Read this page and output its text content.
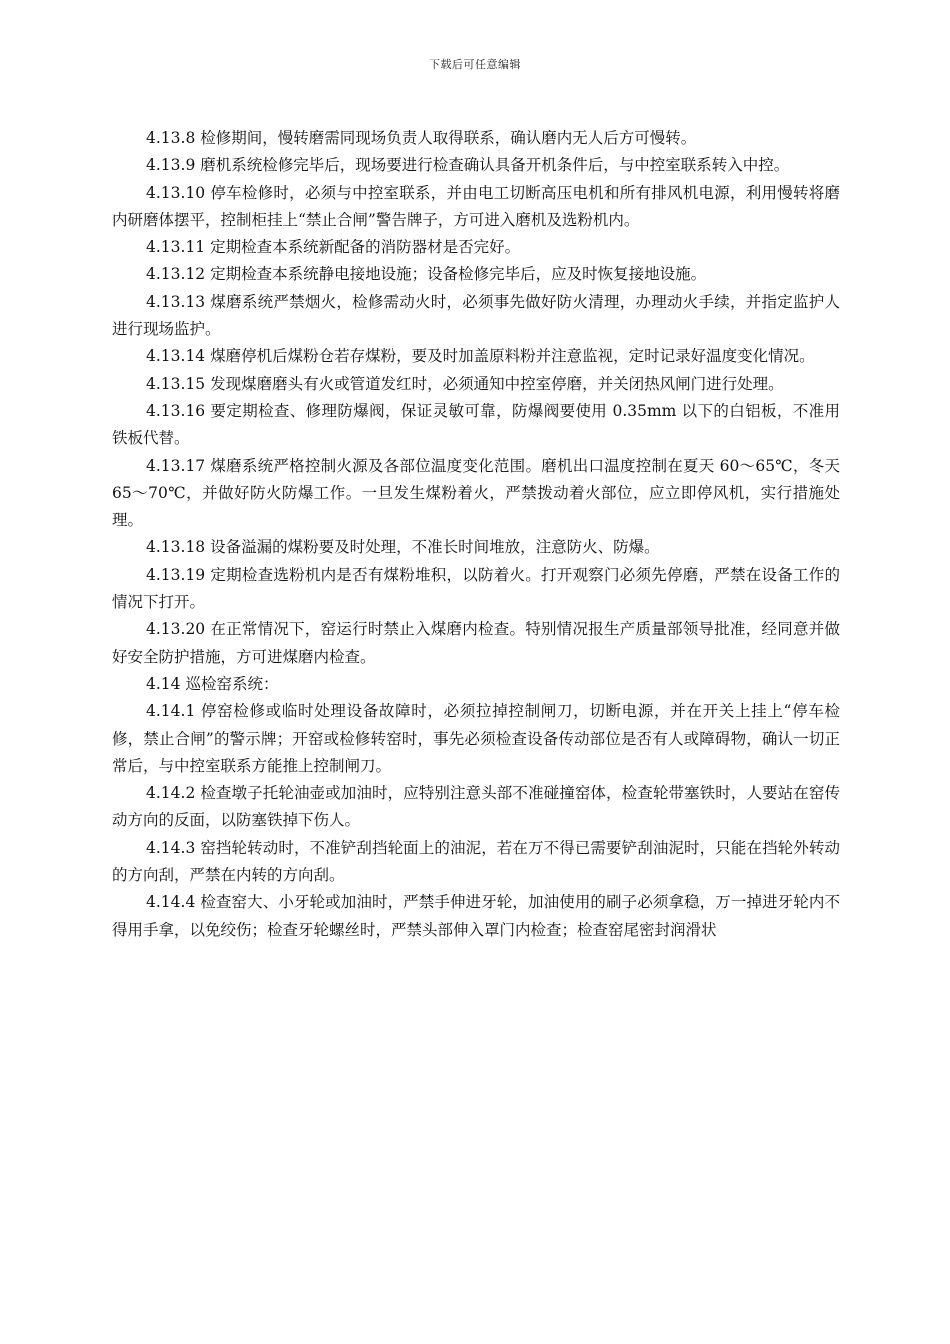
下载后可任意编辑

4.13.8 检修期间，慢转磨需同现场负责人取得联系，确认磨内无人后方可慢转。

4.13.9 磨机系统检修完毕后，现场要进行检查确认具备开机条件后，与中控室联系转入中控。

4.13.10 停车检修时，必须与中控室联系，并由电工切断高压电机和所有排风机电源，利用慢转将磨内研磨体摆平，控制柜挂上“禁止合闸”警告牌子，方可进入磨机及选粉机内。

4.13.11 定期检查本系统新配备的消防器材是否完好。

4.13.12 定期检查本系统静电接地设施；设备检修完毕后，应及时恢复接地设施。

4.13.13 煤磨系统严禁烟火，检修需动火时，必须事先做好防火清理，办理动火手续，并指定监护人进行现场监护。

4.13.14 煤磨停机后煤粉仓若存煤粉，要及时加盖原料粉并注意监视，定时记录好温度变化情况。

4.13.15 发现煤磨磨头有火或管道发红时，必须通知中控室停磨，并关闭热风闸门进行处理。

4.13.16 要定期检查、修理防爆阀，保证灵敏可靠，防爆阀要使用 0.35mm 以下的白铝板，不准用铁板代替。

4.13.17 煤磨系统严格控制火源及各部位温度变化范围。磨机出口温度控制在夏天 60～65℃，冬天 65～70℃，并做好防火防爆工作。一旦发生煤粉着火，严禁拨动着火部位，应立即停风机，实行措施处理。

4.13.18 设备溢漏的煤粉要及时处理，不准长时间堆放，注意防火、防爆。

4.13.19 定期检查选粉机内是否有煤粉堆积，以防着火。打开观察门必须先停磨，严禁在设备工作的情况下打开。

4.13.20 在正常情况下，窑运行时禁止入煤磨内检查。特别情况报生产质量部领导批准，经同意并做好安全防护措施，方可进煤磨内检查。

4.14 巡检窑系统：

4.14.1 停窑检修或临时处理设备故障时，必须拉掉控制闸刀，切断电源，并在开关上挂上“停车检修，禁止合闸”的警示牌；开窑或检修转窑时，事先必须检查设备传动部位是否有人或障碍物，确认一切正常后，与中控室联系方能推上控制闸刀。

4.14.2 检查墩子托轮油壶或加油时，应特别注意头部不准碰撞窑体，检查轮带塞铁时，人要站在窑传动方向的反面，以防塞铁掉下伤人。

4.14.3 窑挡轮转动时，不准铲刮挡轮面上的油泥，若在万不得已需要铲刮油泥时，只能在挡轮外转动的方向刮，严禁在内转的方向刮。

4.14.4 检查窑大、小牙轮或加油时，严禁手伸进牙轮，加油使用的刷子必须拿稳，万一掉进牙轮内不得用手拿，以免绞伤；检查牙轮螺丝时，严禁头部伸入罩门内检查；检查窑尾密封润滑状
